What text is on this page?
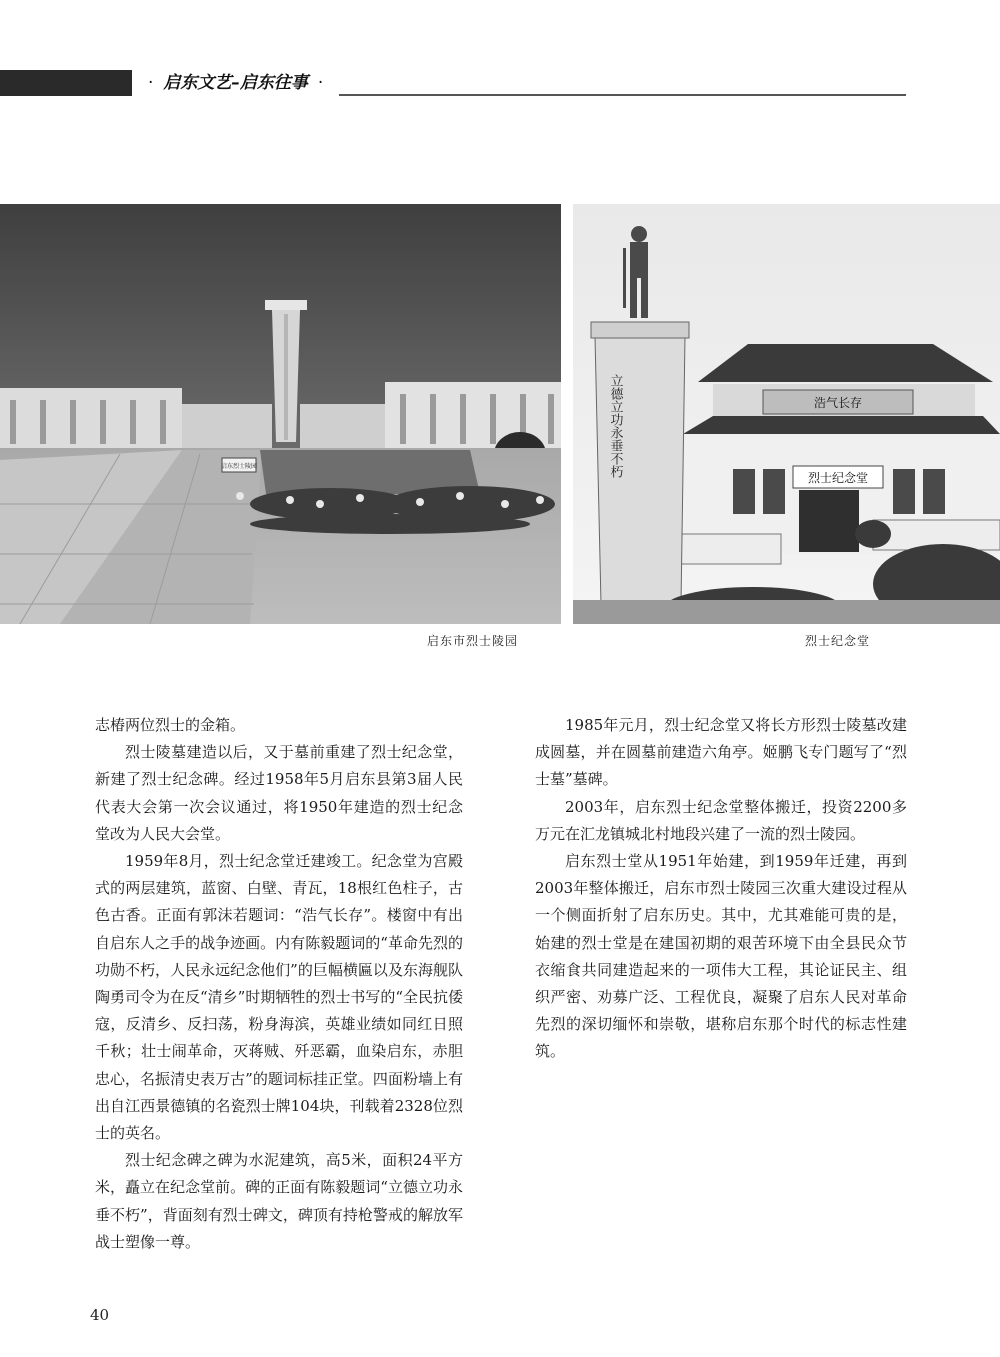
· 启东文艺–启东往事 ·
启东烈士陵园
浩气长存
烈士纪念堂
立德立功永垂不朽
启东市烈士陵园	烈士纪念堂

志椿两位烈士的金箱。

烈士陵墓建造以后，又于墓前重建了烈士纪念堂，新建了烈士纪念碑。经过1958年5月启东县第3届人民代表大会第一次会议通过，将1950年建造的烈士纪念堂改为人民大会堂。

1959年8月，烈士纪念堂迁建竣工。纪念堂为宫殿式的两层建筑，蓝窗、白壁、青瓦，18根红色柱子，古色古香。正面有郭沫若题词：“浩气长存”。楼窗中有出自启东人之手的战争迹画。内有陈毅题词的“革命先烈的功勋不朽，人民永远纪念他们”的巨幅横匾以及东海舰队陶勇司令为在反“清乡”时期牺牲的烈士书写的“全民抗倭寇，反清乡、反扫荡，粉身海滨，英雄业绩如同红日照千秋；壮士闹革命，灭蒋贼、歼恶霸，血染启东，赤胆忠心，名振清史表万古”的题词标挂正堂。四面粉墙上有出自江西景德镇的名瓷烈士牌104块，刊载着2328位烈士的英名。

烈士纪念碑之碑为水泥建筑，高5米，面积24平方米，矗立在纪念堂前。碑的正面有陈毅题词“立德立功永垂不朽”，背面刻有烈士碑文，碑顶有持枪警戒的解放军战士塑像一尊。

1985年元月，烈士纪念堂又将长方形烈士陵墓改建成圆墓，并在圆墓前建造六角亭。姬鹏飞专门题写了“烈士墓”墓碑。

2003年，启东烈士纪念堂整体搬迁，投资2200多万元在汇龙镇城北村地段兴建了一流的烈士陵园。

启东烈士堂从1951年始建，到1959年迁建，再到2003年整体搬迁，启东市烈士陵园三次重大建设过程从一个侧面折射了启东历史。其中，尤其难能可贵的是，始建的烈士堂是在建国初期的艰苦环境下由全县民众节衣缩食共同建造起来的一项伟大工程，其论证民主、组织严密、劝募广泛、工程优良，凝聚了启东人民对革命先烈的深切缅怀和崇敬，堪称启东那个时代的标志性建筑。

40
